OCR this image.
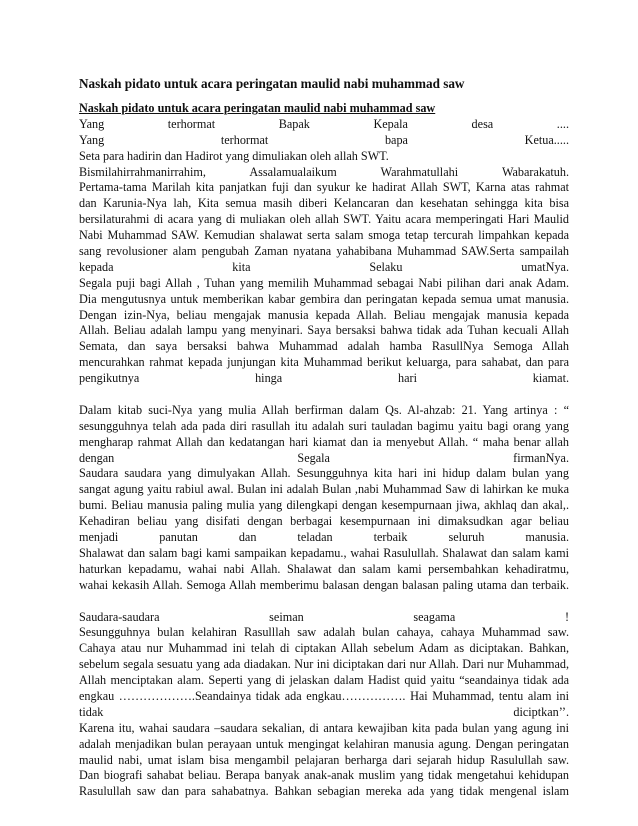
Naskah pidato untuk acara peringatan maulid nabi muhammad saw
Naskah pidato untuk acara peringatan maulid nabi muhammad saw
Yang terhormat Bapak Kepala desa ....
Yang terhormat bapa Ketua.....
Seta para hadirin dan Hadirot yang dimuliakan oleh allah SWT.
Bismilahirrahmanirrahim, Assalamualaikum Warahmatullahi Wabarakatuh.
Pertama-tama Marilah kita panjatkan fuji dan syukur ke hadirat Allah SWT, Karna atas rahmat
dan Karunia-Nya lah, Kita semua masih diberi Kelancaran dan kesehatan sehingga kita bisa
bersilaturahmi di acara yang di muliakan oleh allah SWT. Yaitu acara memperingati Hari Maulid
Nabi Muhammad SAW. Kemudian shalawat serta salam smoga tetap tercurah limpahkan kepada
sang revolusioner alam pengubah Zaman nyatana yahabibana Muhammad SAW.Serta sampailah
kepada kita Selaku umatNya.
Segala puji bagi Allah , Tuhan yang memilih Muhammad sebagai Nabi pilihan dari anak Adam.
Dia mengutusnya untuk memberikan kabar gembira dan peringatan kepada semua umat manusia.
Dengan izin-Nya, beliau mengajak manusia kepada Allah. Beliau mengajak manusia kepada
Allah. Beliau adalah lampu yang menyinari. Saya bersaksi bahwa tidak ada Tuhan kecuali Allah
Semata, dan saya bersaksi bahwa Muhammad adalah hamba RasullNya Semoga Allah
mencurahkan rahmat kepada junjungan kita Muhammad berikut keluarga, para sahabat, dan para
pengikutnya hinga hari kiamat.
Dalam kitab suci-Nya yang mulia Allah berfirman dalam Qs. Al-ahzab: 21. Yang artinya : “
sesungguhnya telah ada pada diri rasullah itu adalah suri tauladan bagimu yaitu bagi orang yang
mengharap rahmat Allah dan kedatangan hari kiamat dan ia menyebut Allah. “ maha benar allah
dengan Segala firmanNya.
Saudara saudara yang dimulyakan Allah. Sesungguhnya kita hari ini hidup dalam bulan yang
sangat agung yaitu rabiul awal. Bulan ini adalah Bulan ,nabi Muhammad Saw di lahirkan ke muka
bumi. Beliau manusia paling mulia yang dilengkapi dengan kesempurnaan jiwa, akhlaq dan akal,.
Kehadiran beliau yang disifati dengan berbagai kesempurnaan ini dimaksudkan agar beliau
menjadi panutan dan teladan terbaik seluruh manusia.
Shalawat dan salam bagi kami sampaikan kepadamu., wahai Rasulullah. Shalawat dan salam kami
haturkan kepadamu, wahai nabi Allah. Shalawat dan salam kami persembahkan kehadiratmu,
wahai kekasih Allah. Semoga Allah memberimu balasan dengan balasan paling utama dan terbaik.
Saudara-saudara seiman seagama !
Sesungguhnya bulan kelahiran Rasulllah saw adalah bulan cahaya, cahaya Muhammad saw.
Cahaya atau nur Muhammad ini telah di ciptakan Allah sebelum Adam as diciptakan. Bahkan,
sebelum segala sesuatu yang ada diadakan. Nur ini diciptakan dari nur Allah. Dari nur Muhammad,
Allah menciptakan alam. Seperti yang di jelaskan dalam Hadist quid yaitu “seandainya tidak ada
engkau ……………….Seandainya tidak ada engkau……………. Hai Muhammad, tentu alam ini
tidak diciptkan’’.
Karena itu, wahai saudara –saudara sekalian, di antara kewajiban kita pada bulan yang agung ini
adalah menjadikan bulan perayaan untuk mengingat kelahiran manusia agung. Dengan peringatan
maulid nabi, umat islam bisa mengambil pelajaran berharga dari sejarah hidup Rasulullah saw.
Dan biografi sahabat beliau. Berapa banyak anak-anak muslim yang tidak mengetahui kehidupan
Rasulullah saw dan para sahabatnya. Bahkan sebagian mereka ada yang tidak mengenal islam
